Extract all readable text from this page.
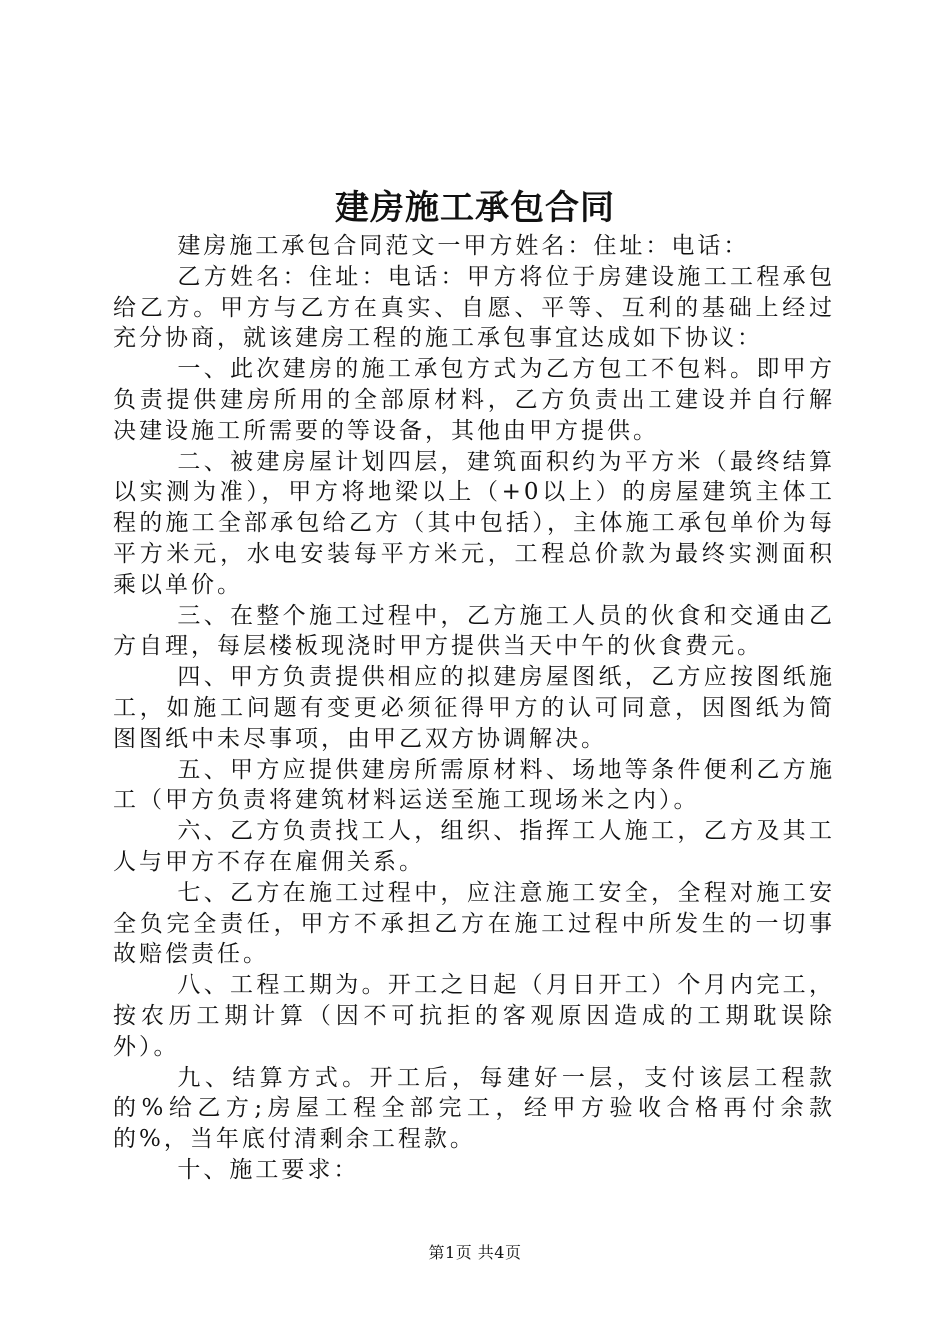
建房施工承包合同

建房施工承包合同范文一甲方姓名：住址：电话：

乙方姓名：住址：电话：甲方将位于房建设施工工程承包给乙方。甲方与乙方在真实、自愿、平等、互利的基础上经过充分协商，就该建房工程的施工承包事宜达成如下协议：

一、此次建房的施工承包方式为乙方包工不包料。即甲方负责提供建房所用的全部原材料，乙方负责出工建设并自行解决建设施工所需要的等设备，其他由甲方提供。

二、被建房屋计划四层，建筑面积约为平方米（最终结算以实测为准），甲方将地梁以上（+0以上）的房屋建筑主体工程的施工全部承包给乙方（其中包括），主体施工承包单价为每平方米元，水电安装每平方米元，工程总价款为最终实测面积乘以单价。

三、在整个施工过程中，乙方施工人员的伙食和交通由乙方自理，每层楼板现浇时甲方提供当天中午的伙食费元。

四、甲方负责提供相应的拟建房屋图纸，乙方应按图纸施工，如施工问题有变更必须征得甲方的认可同意，因图纸为简图图纸中未尽事项，由甲乙双方协调解决。

五、甲方应提供建房所需原材料、场地等条件便利乙方施工（甲方负责将建筑材料运送至施工现场米之内）。

六、乙方负责找工人，组织、指挥工人施工，乙方及其工人与甲方不存在雇佣关系。

七、乙方在施工过程中，应注意施工安全，全程对施工安全负完全责任，甲方不承担乙方在施工过程中所发生的一切事故赔偿责任。

八、工程工期为。开工之日起（月日开工）个月内完工，按农历工期计算（因不可抗拒的客观原因造成的工期耽误除外）。

九、结算方式。开工后，每建好一层，支付该层工程款的%给乙方;房屋工程全部完工，经甲方验收合格再付余款的%，当年底付清剩余工程款。

十、施工要求：

第1页 共4页
